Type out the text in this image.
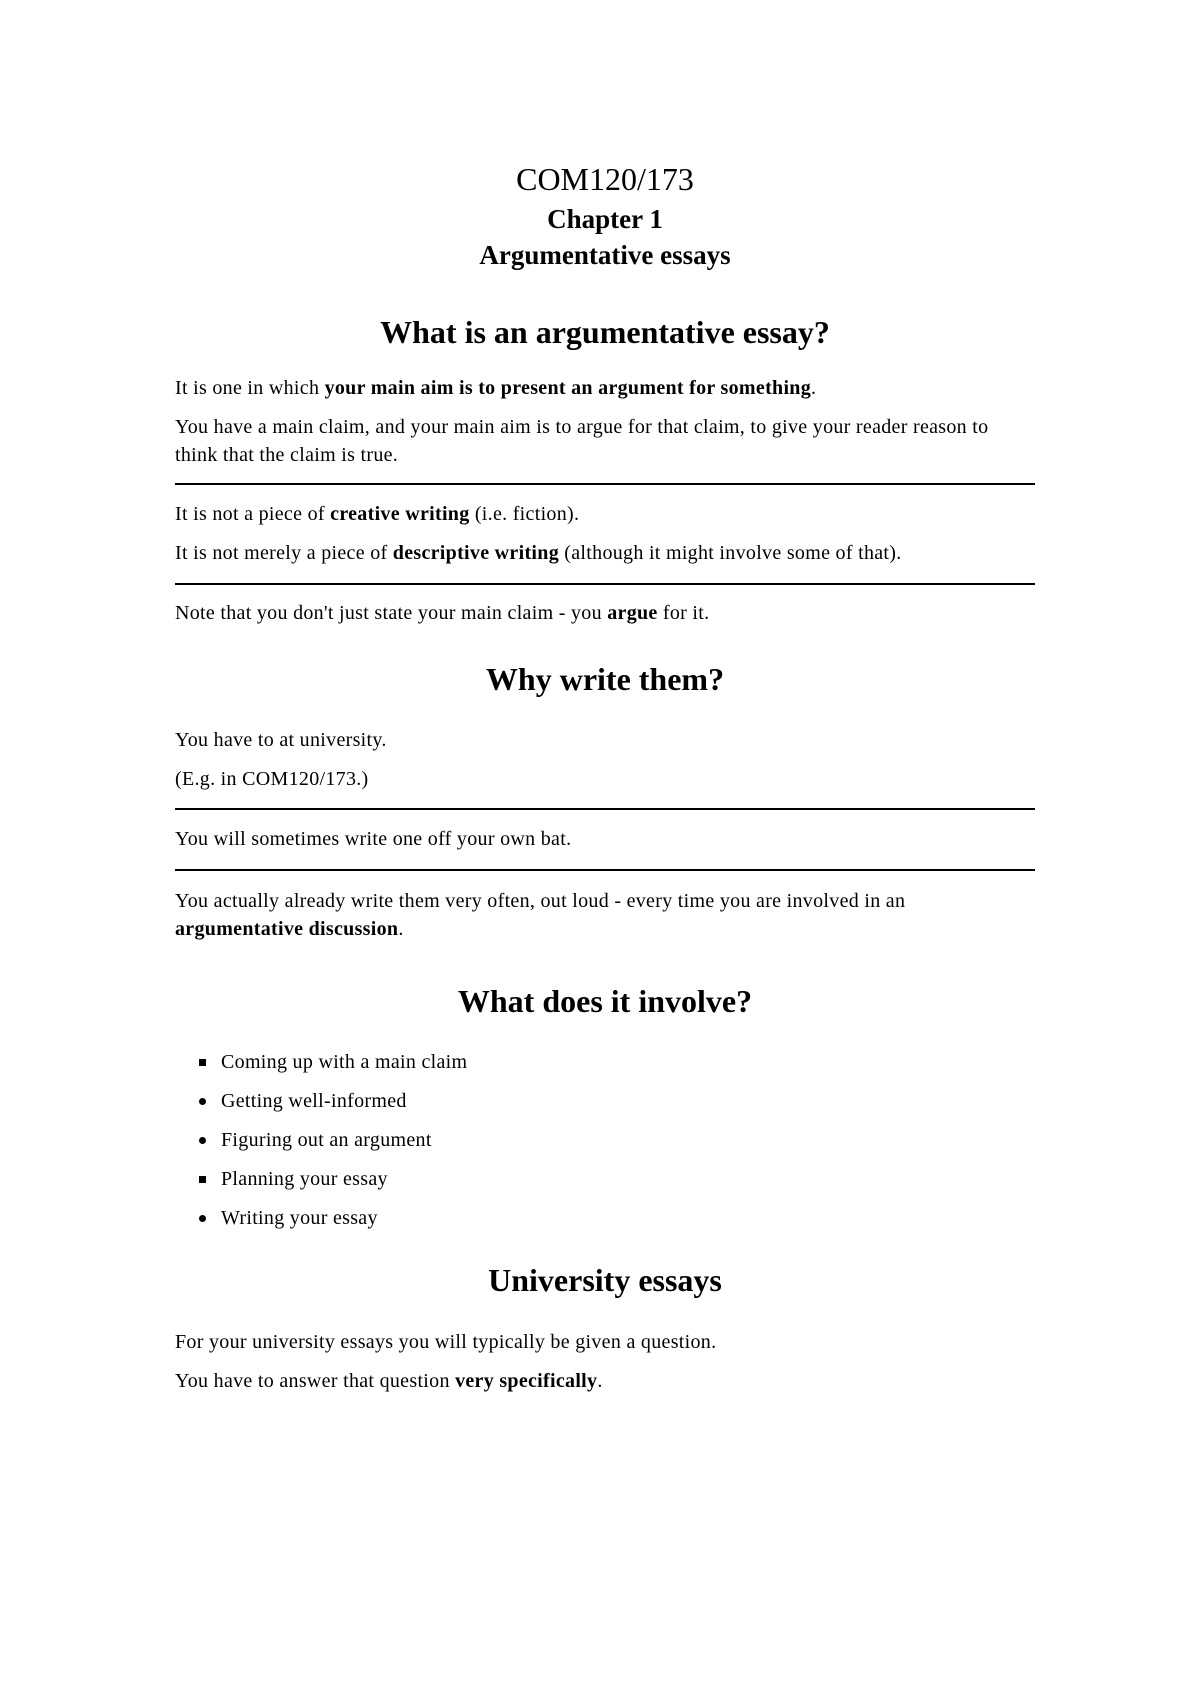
COM120/173
Chapter 1
Argumentative essays
What is an argumentative essay?

It is one in which your main aim is to present an argument for something.

You have a main claim, and your main aim is to argue for that claim, to give your reader reason to think that the claim is true.

It is not a piece of creative writing (i.e. fiction).

It is not merely a piece of descriptive writing (although it might involve some of that).

Note that you don't just state your main claim - you argue for it.

Why write them?

You have to at university.

(E.g. in COM120/173.)

You will sometimes write one off your own bat.

You actually already write them very often, out loud - every time you are involved in an argumentative discussion.

What does it involve?
Coming up with a main claim
Getting well-informed
Figuring out an argument
Planning your essay
Writing your essay
University essays

For your university essays you will typically be given a question.

You have to answer that question very specifically.
